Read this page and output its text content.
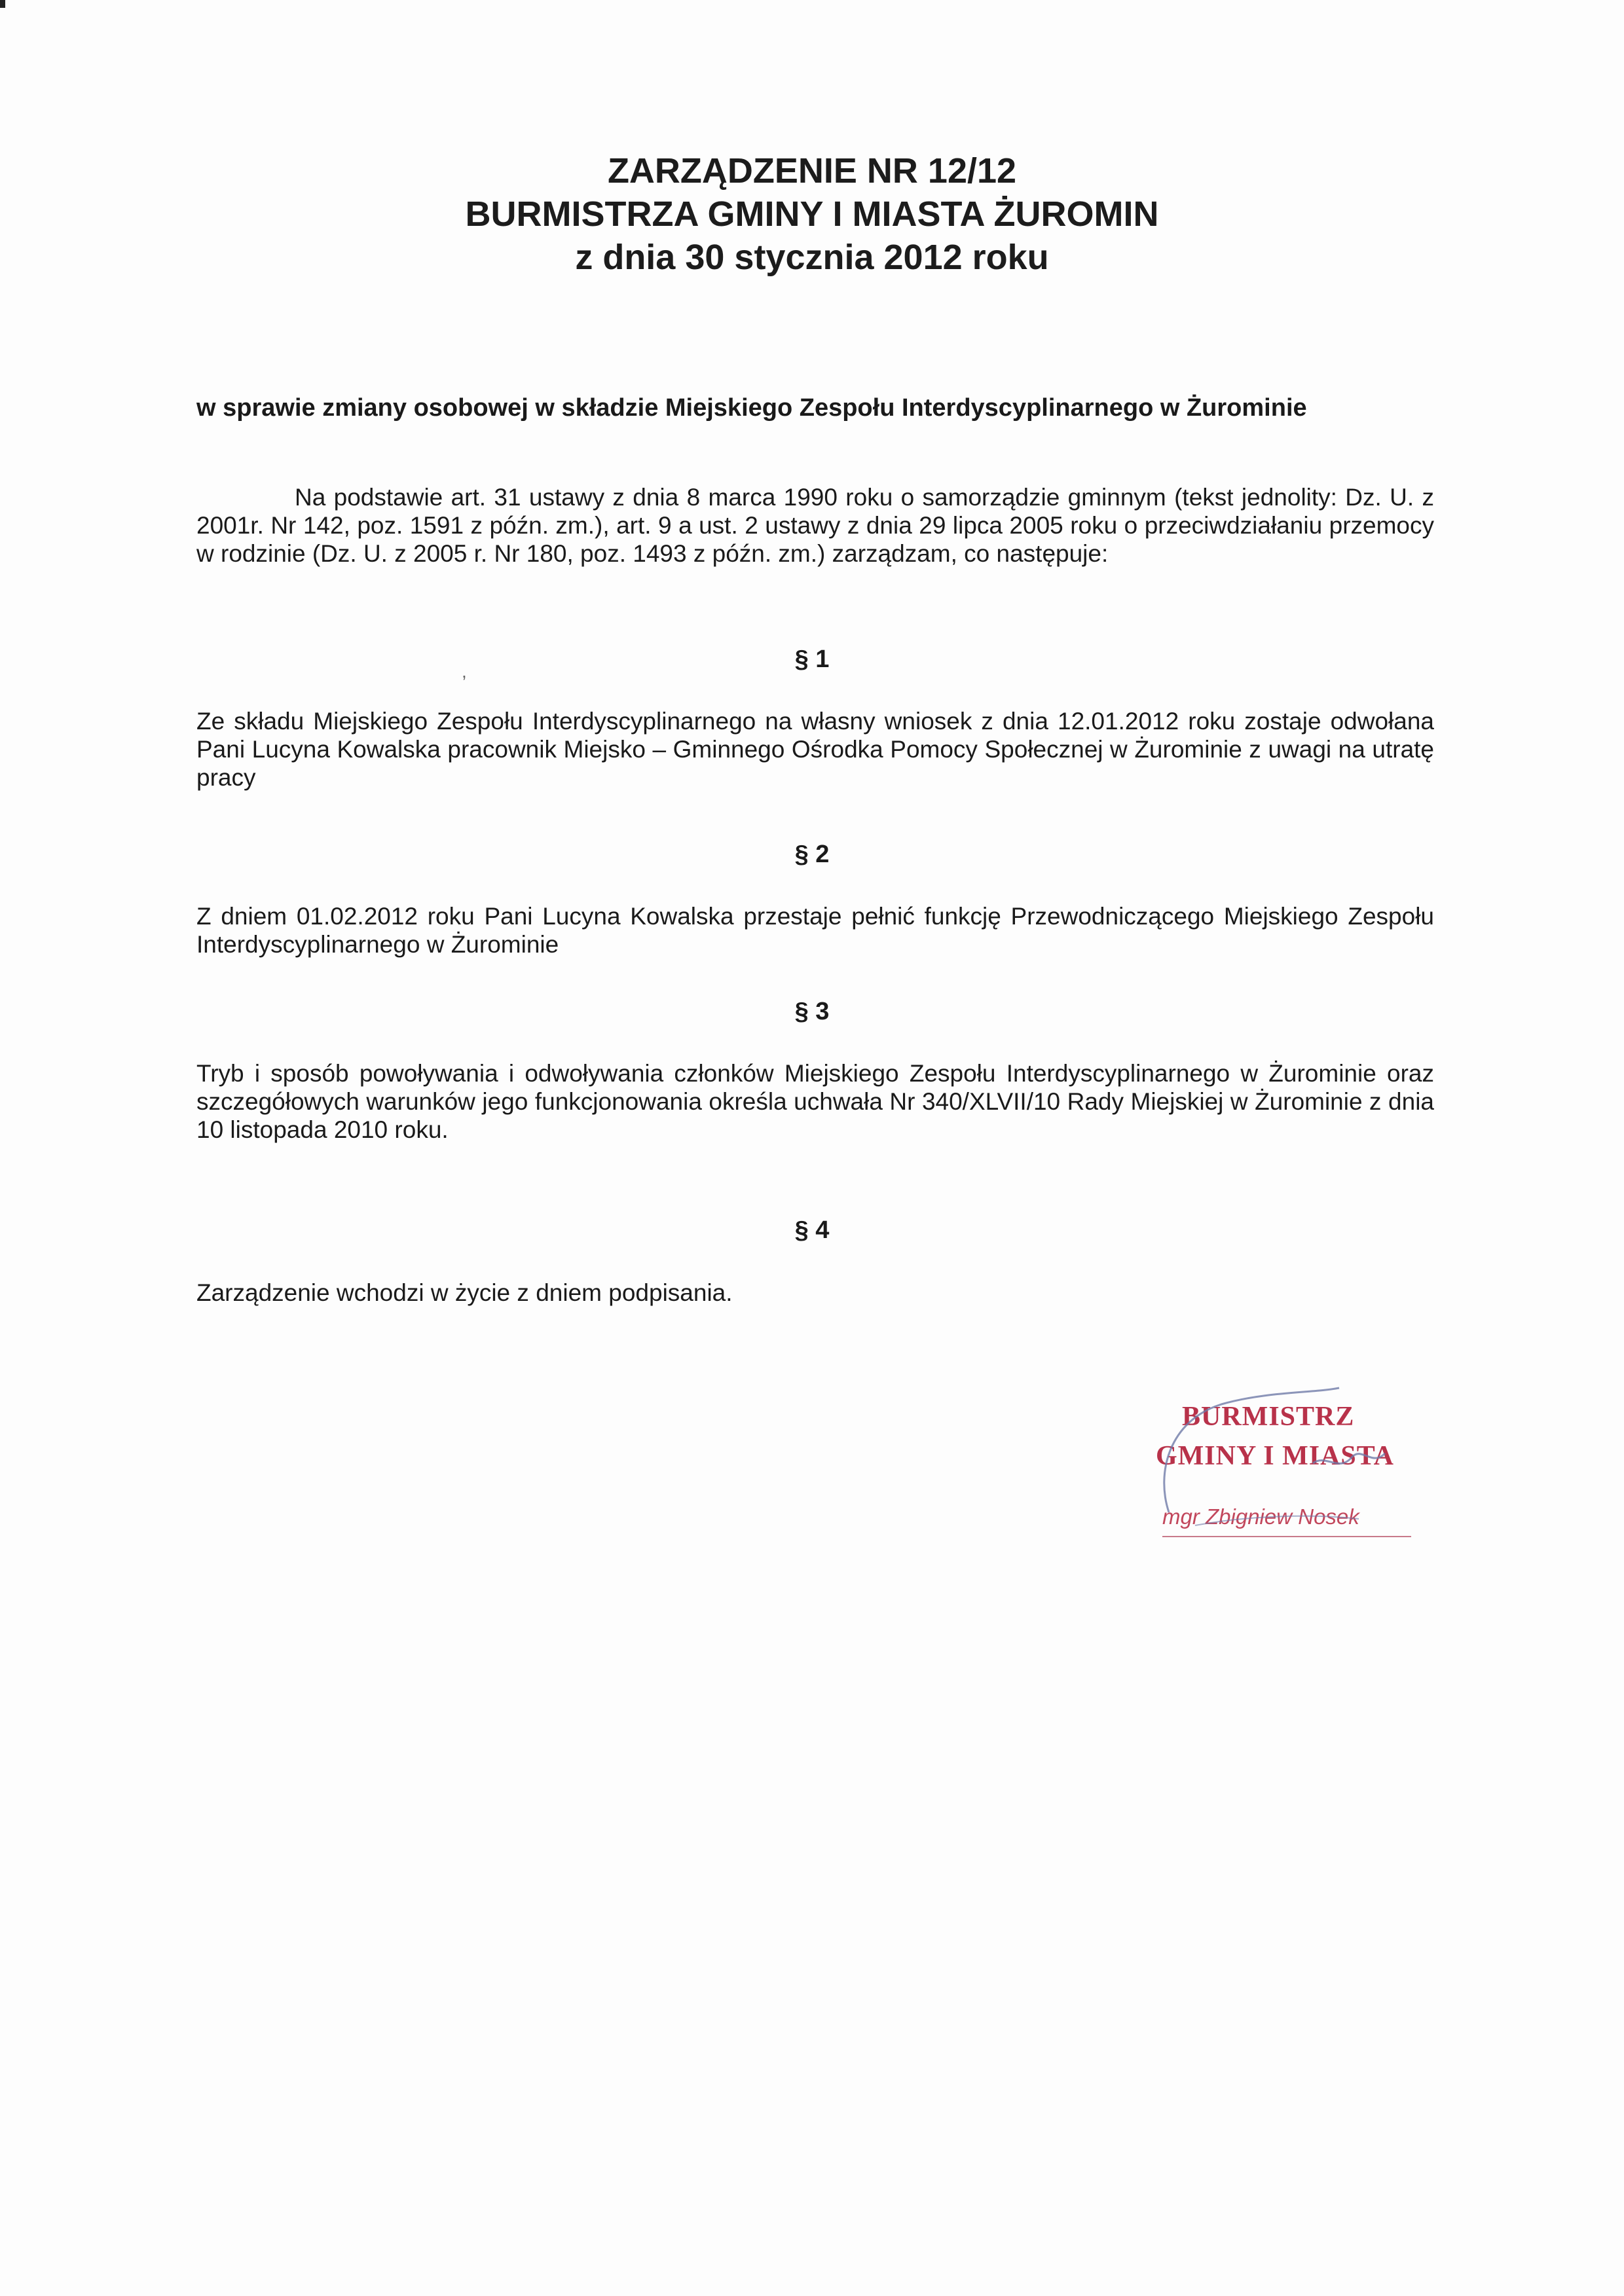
ZARZĄDZENIE NR 12/12
BURMISTRZA GMINY I MIASTA ŻUROMIN
z dnia 30 stycznia 2012 roku
w sprawie zmiany osobowej w składzie Miejskiego Zespołu Interdyscyplinarnego w Żurominie
Na podstawie art. 31 ustawy z dnia 8 marca 1990 roku o samorządzie gminnym (tekst jednolity: Dz. U. z 2001r. Nr 142, poz. 1591 z późn. zm.), art. 9 a ust. 2 ustawy z dnia 29 lipca 2005 roku o przeciwdziałaniu przemocy w rodzinie (Dz. U. z 2005 r. Nr 180, poz. 1493 z późn. zm.) zarządzam, co następuje:
,	§ 1
Ze składu Miejskiego Zespołu Interdyscyplinarnego na własny wniosek z dnia 12.01.2012 roku zostaje odwołana Pani Lucyna Kowalska pracownik Miejsko – Gminnego Ośrodka Pomocy Społecznej w Żurominie z uwagi na utratę pracy
§ 2
Z dniem 01.02.2012 roku Pani Lucyna Kowalska przestaje pełnić funkcję Przewodniczącego Miejskiego Zespołu Interdyscyplinarnego w Żurominie
§ 3
Tryb i sposób powoływania i odwoływania członków Miejskiego Zespołu Interdyscyplinarnego w Żurominie oraz szczegółowych warunków jego funkcjonowania określa uchwała Nr 340/XLVII/10 Rady Miejskiej w Żurominie z dnia 10 listopada 2010 roku.
§ 4
Zarządzenie wchodzi w życie z dniem podpisania.
BURMISTRZ
GMINY I MIASTA
mgr Zbigniew Nosek
